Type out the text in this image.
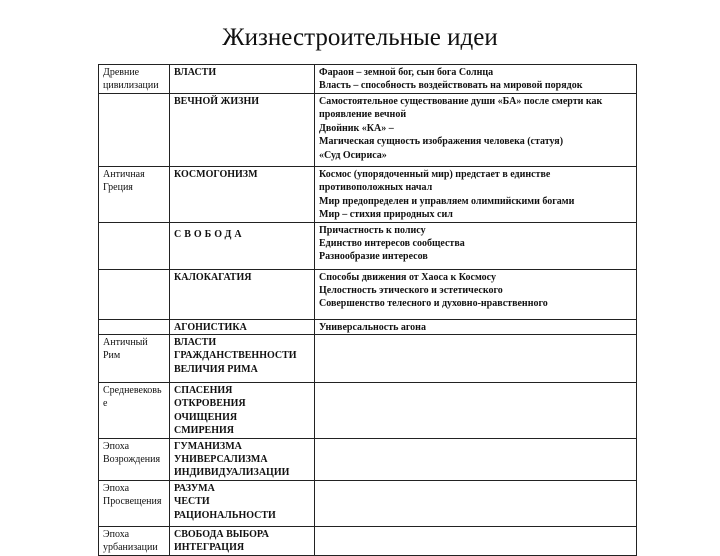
Жизнестроительные идеи
Древние
цивилизации	ВЛАСТИ	Фараон – земной бог, сын бога Солнца
Власть – способность воздействовать на мировой порядок

	ВЕЧНОЙ ЖИЗНИ	Самостоятельное существование души «БА» после смерти как
проявление вечной
Двойник «КА» –
Магическая сущность изображения человека (статуя)
«Суд Осириса»

Античная
Греция	КОСМОГОНИЗМ	Космос (упорядоченный мир) предстает в единстве
противоположных начал
Мир предопределен и управляем олимпийскими богами
Мир – стихия природных сил

	СВОБОДА	Причастность к полису
Единство интересов сообщества
Разнообразие интересов

	КАЛОКАГАТИЯ	Способы движения от Хаоса к Космосу
Целостность этического и эстетического
Совершенство телесного и духовно-нравственного

	АГОНИСТИКА	Универсальность агона

Античный
Рим	ВЛАСТИ
ГРАЖДАНСТВЕННОСТИ
ВЕЛИЧИЯ РИМА	

Средневековь
е	СПАСЕНИЯ
ОТКРОВЕНИЯ
ОЧИЩЕНИЯ
СМИРЕНИЯ	

Эпоха
Возрождения	ГУМАНИЗМА
УНИВЕРСАЛИЗМА
ИНДИВИДУАЛИЗАЦИИ	

Эпоха
Просвещения	РАЗУМА
ЧЕСТИ
РАЦИОНАЛЬНОСТИ	

Эпоха
урбанизации	СВОБОДА ВЫБОРА
ИНТЕГРАЦИЯ	
